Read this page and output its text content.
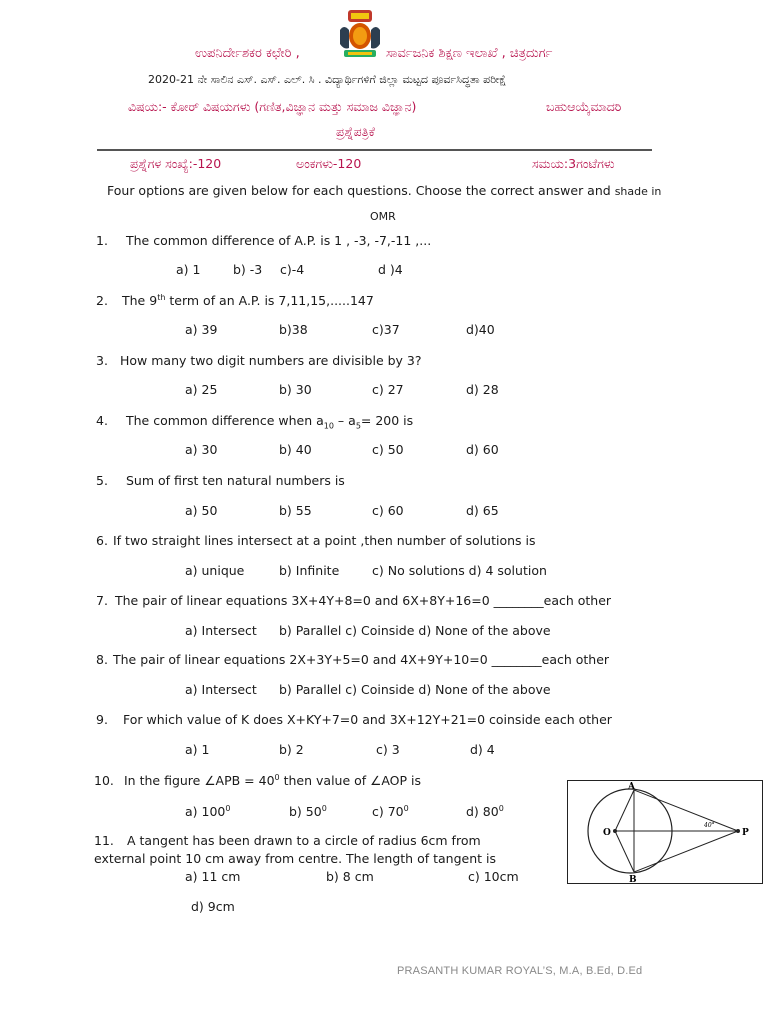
ಉಪನಿರ್ದೇಶಕರ ಕಛೇರಿ ,	ಸಾರ್ವಜನಿಕ ಶಿಕ್ಷಣ ಇಲಾಖೆ , ಚಿತ್ರದುರ್ಗ
2020-21 ನೇ ಸಾಲಿನ ಎಸ್. ಎಸ್. ಎಲ್. ಸಿ . ವಿದ್ಯಾರ್ಥಿಗಳಿಗೆ ಜಿಲ್ಲಾ ಮಟ್ಟದ ಪೂರ್ವಸಿದ್ಧತಾ ಪರೀಕ್ಷೆ
ವಿಷಯ:- ಕೋರ್ ವಿಷಯಗಳು (ಗಣಿತ,ವಿಜ್ಞಾನ ಮತ್ತು ಸಮಾಜ ವಿಜ್ಞಾನ)	ಬಹುಆಯ್ಕೆಮಾದರಿ
ಪ್ರಶ್ನೆಪತ್ರಿಕೆ
ಪ್ರಶ್ನೆಗಳ ಸಂಖ್ಯೆ:-120	ಅಂಕಗಳು-120	ಸಮಯ:3ಗಂಟೆಗಳು
Four options are given below for each questions. Choose the correct answer and shade in
OMR
1. The common difference of A.P. is 1 , -3, -7,-11 ,...
a) 1	b) -3 c)-4	d )4
2. The 9th term of an A.P. is 7,11,15,.....147
a) 39	b)38	c)37	d)40
3. How many two digit numbers are divisible by 3?
a) 25	b) 30	c) 27	d) 28
4. The common difference when $a_{10} - a_5= 200$ is
a) 30	b) 40	c) 50	d) 60
5. Sum of first ten natural numbers is
a) 50	b) 55	c) 60	d) 65
6. If two straight lines intersect at a point ,then number of solutions is
a) unique	b) Infinite	c) No solutions d) 4 solution
7. The pair of linear equations 3X+4Y+8=0 and 6X+8Y+16=0 ________each other
a) Intersect b) Parallel c) Coinside d) None of the above
8. The pair of linear equations 2X+3Y+5=0 and 4X+9Y+10=0 ________each other
a) Intersect b) Parallel c) Coinside d) None of the above
9. For which value of K does X+KY+7=0 and 3X+12Y+21=0 coinside each other
a) 1	b) 2	c) 3	d) 4
10. In the figure ∠APB = $40^0$ then value of ∠AOP is
a) $100^0$	b) $50^0$	c) $70^0$	d) $80^0$
A
B
O	P
40°
11. A tangent has been drawn to a circle of radius 6cm from
external point 10 cm away from centre. The length of tangent is
a) 11 cm	b) 8 cm	c) 10cm
d) 9cm
PRASANTH KUMAR ROYAL’S, M.A, B.Ed, D.Ed
